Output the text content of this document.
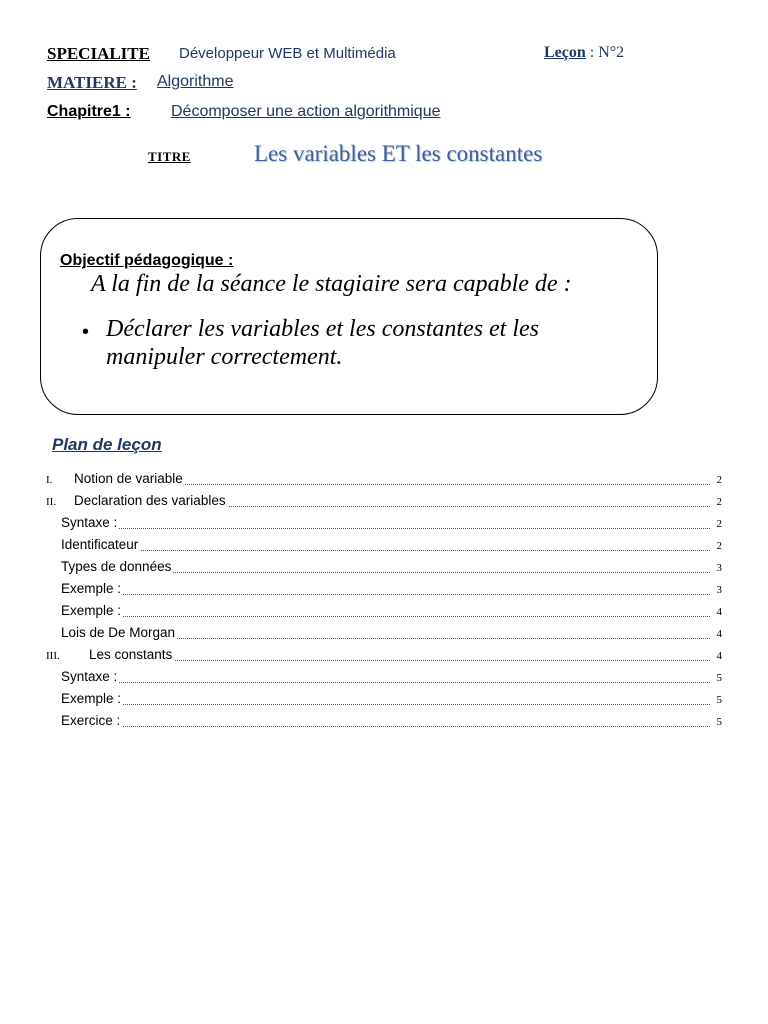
SPECIALITE Développeur WEB et Multimédia	Leçon : N°2
MATIERE : Algorithme
Chapitre1 :	Décomposer une action algorithmique
TITRE	Les variables ET les constantes
Objectif pédagogique :
A la fin de la séance le stagiaire sera capable de :
• Déclarer les variables et les constantes et les
manipuler correctement.
Plan de leçon
I. Notion de variable	2
II. Declaration des variables	2
Syntaxe :	2
Identificateur	2
Types de données	3
Exemple :	3
Exemple :	4
Lois de De Morgan	4
III. Les constants	4
Syntaxe :	5
Exemple :	5
Exercice :	5
